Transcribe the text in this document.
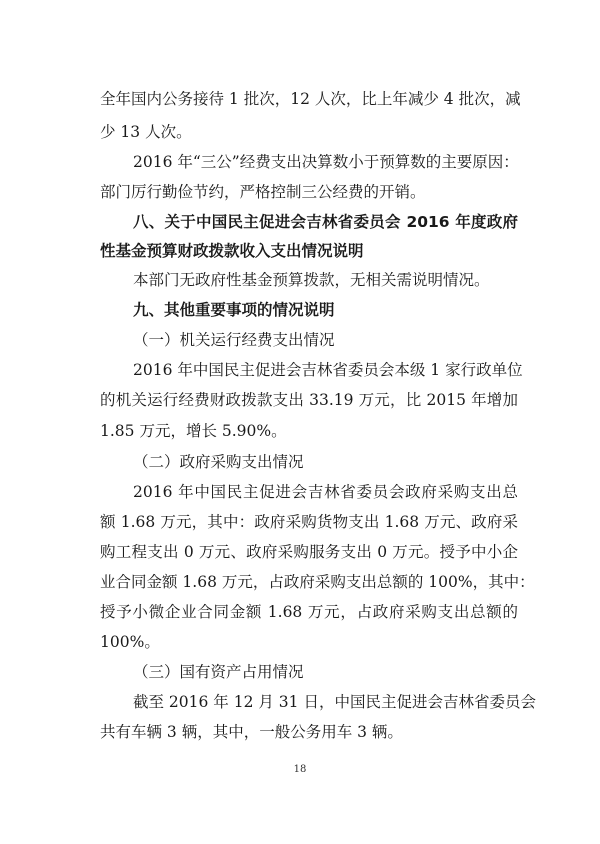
全年国内公务接待 1 批次，12 人次，比上年减少 4 批次，减
少 13 人次。
2016 年“三公”经费支出决算数小于预算数的主要原因：
部门厉行勤俭节约，严格控制三公经费的开销。
八、关于中国民主促进会吉林省委员会 2016 年度政府
性基金预算财政拨款收入支出情况说明
本部门无政府性基金预算拨款，无相关需说明情况。
九、其他重要事项的情况说明
（一）机关运行经费支出情况
2016 年中国民主促进会吉林省委员会本级 1 家行政单位
的机关运行经费财政拨款支出 33.19 万元，比 2015 年增加
1.85 万元，增长 5.90%。
（二）政府采购支出情况
2016 年中国民主促进会吉林省委员会政府采购支出总
额 1.68 万元，其中：政府采购货物支出 1.68 万元、政府采
购工程支出 0 万元、政府采购服务支出 0 万元。授予中小企
业合同金额 1.68 万元，占政府采购支出总额的 100%，其中：
授予小微企业合同金额 1.68 万元，占政府采购支出总额的
100%。
（三）国有资产占用情况
截至 2016 年 12 月 31 日，中国民主促进会吉林省委员会
共有车辆 3 辆，其中，一般公务用车 3 辆。
18
